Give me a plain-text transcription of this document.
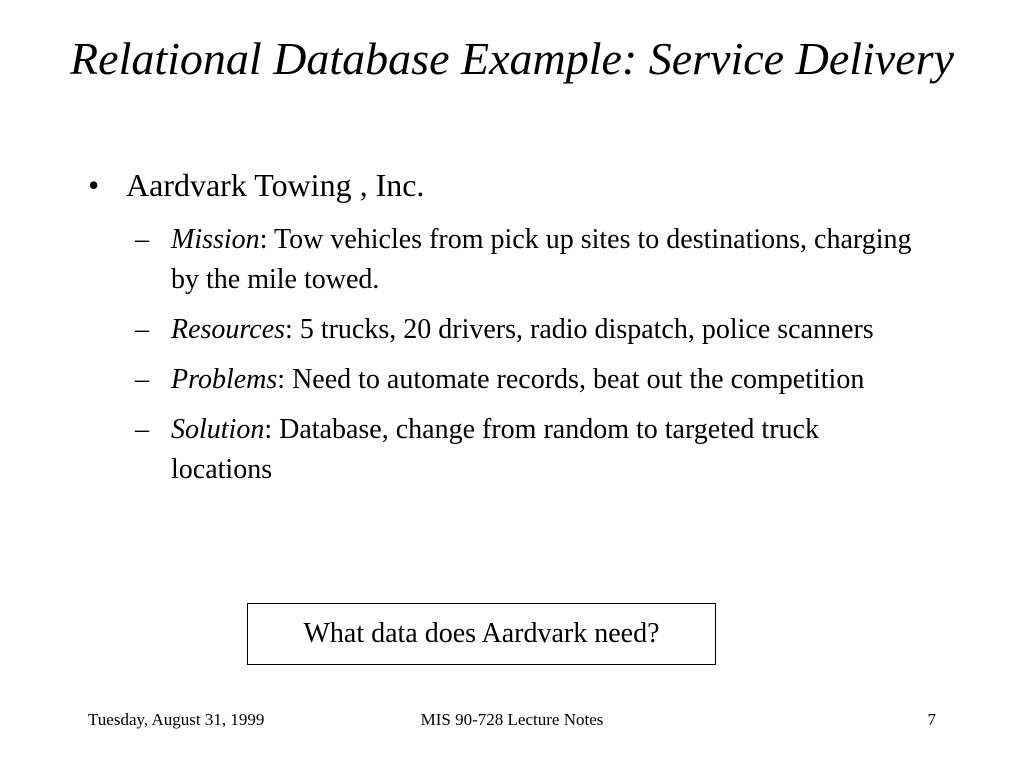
Relational Database Example: Service Delivery
• Aardvark Towing , Inc.
– Mission: Tow vehicles from pick up sites to destinations, charging by the mile towed.
– Resources: 5 trucks, 20 drivers, radio dispatch, police scanners
– Problems: Need to automate records, beat out the competition
– Solution: Database, change from random to targeted truck locations
What data does Aardvark need?
Tuesday, August 31, 1999	MIS 90-728 Lecture Notes	7
